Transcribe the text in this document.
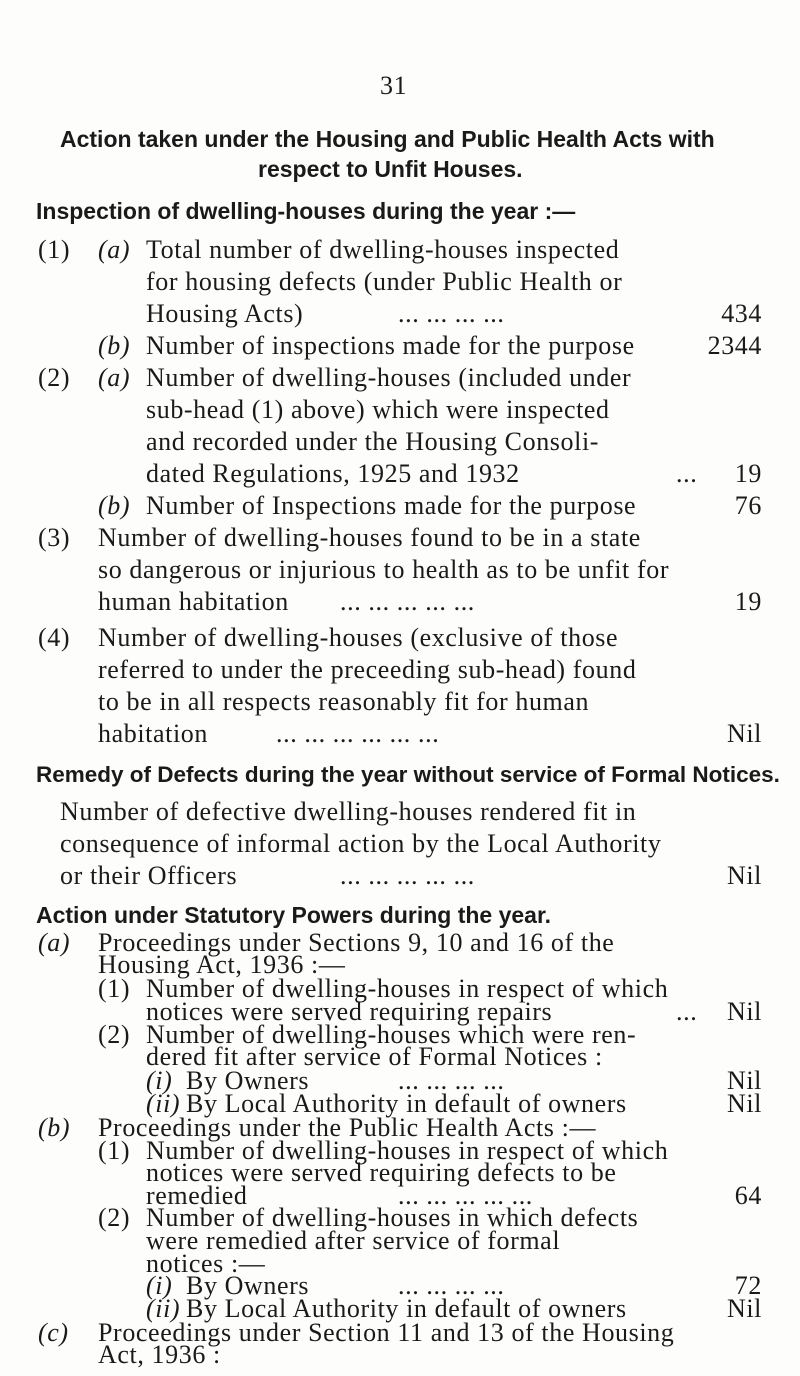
31
Action taken under the Housing and Public Health Acts with
respect to Unfit Houses.
Inspection of dwelling-houses during the year :—
(1) (a) Total number of dwelling-houses inspected
for housing defects (under Public Health or
Housing Acts)	... ... ... ...	434
(b) Number of inspections made for the purpose	2344
(2) (a) Number of dwelling-houses (included under
sub-head (1) above) which were inspected
and recorded under the Housing Consoli-
dated Regulations, 1925 and 1932	... 19
(b) Number of Inspections made for the purpose	76
(3) Number of dwelling-houses found to be in a state
so dangerous or injurious to health as to be unfit for
human habitation ... ... ... ... ...	19
(4) Number of dwelling-houses (exclusive of those
referred to under the preceeding sub-head) found
to be in all respects reasonably fit for human
habitation	... ... ... ... ... ...	Nil
Remedy of Defects during the year without service of Formal Notices.
Number of defective dwelling-houses rendered fit in
consequence of informal action by the Local Authority
or their Officers	... ... ... ... ...	Nil
Action under Statutory Powers during the year.
(a) Proceedings under Sections 9, 10 and 16 of the
Housing Act, 1936 :—
(1) Number of dwelling-houses in respect of which
notices were served requiring repairs	... Nil
(2) Number of dwelling-houses which were ren-
dered fit after service of Formal Notices :
(i) By Owners	... ... ... ...	Nil
(ii) By Local Authority in default of owners	Nil
(b) Proceedings under the Public Health Acts :—
(1) Number of dwelling-houses in respect of which
notices were served requiring defects to be
remedied	... ... ... ... ...	64
(2) Number of dwelling-houses in which defects
were remedied after service of formal
notices :—
(i) By Owners	... ... ... ...	72
(ii) By Local Authority in default of owners	Nil
(c) Proceedings under Section 11 and 13 of the Housing
Act, 1936 :
